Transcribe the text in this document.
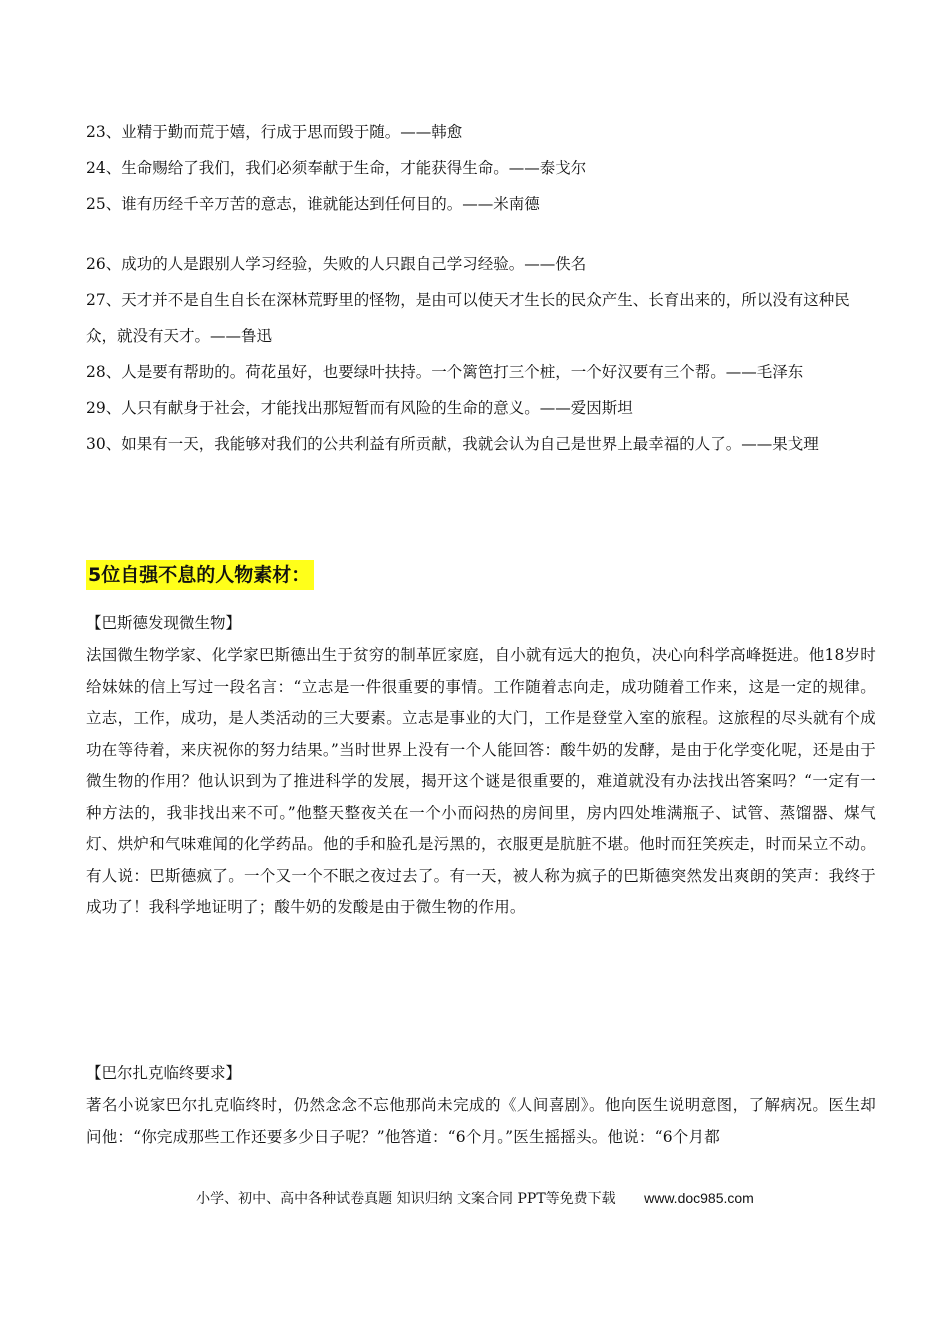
23、业精于勤而荒于嬉，行成于思而毁于随。——韩愈

24、生命赐给了我们，我们必须奉献于生命，才能获得生命。——泰戈尔

25、谁有历经千辛万苦的意志，谁就能达到任何目的。——米南德

26、成功的人是跟别人学习经验，失败的人只跟自己学习经验。——佚名

27、天才并不是自生自长在深林荒野里的怪物，是由可以使天才生长的民众产生、长育出来的，所以没有这种民众，就没有天才。——鲁迅

28、人是要有帮助的。荷花虽好，也要绿叶扶持。一个篱笆打三个桩，一个好汉要有三个帮。——毛泽东

29、人只有献身于社会，才能找出那短暂而有风险的生命的意义。——爱因斯坦

30、如果有一天，我能够对我们的公共利益有所贡献，我就会认为自己是世界上最幸福的人了。——果戈理

5位自强不息的人物素材：

【巴斯德发现微生物】

法国微生物学家、化学家巴斯德出生于贫穷的制革匠家庭，自小就有远大的抱负，决心向科学高峰挺进。他18岁时给妹妹的信上写过一段名言：“立志是一件很重要的事情。工作随着志向走，成功随着工作来，这是一定的规律。立志，工作，成功，是人类活动的三大要素。立志是事业的大门，工作是登堂入室的旅程。这旅程的尽头就有个成功在等待着，来庆祝你的努力结果。”当时世界上没有一个人能回答：酸牛奶的发酵，是由于化学变化呢，还是由于微生物的作用？他认识到为了推进科学的发展，揭开这个谜是很重要的，难道就没有办法找出答案吗？“一定有一种方法的，我非找出来不可。”他整天整夜关在一个小而闷热的房间里，房内四处堆满瓶子、试管、蒸馏器、煤气灯、烘炉和气味难闻的化学药品。他的手和脸孔是污黑的，衣服更是肮脏不堪。他时而狂笑疾走，时而呆立不动。有人说：巴斯德疯了。一个又一个不眠之夜过去了。有一天，被人称为疯子的巴斯德突然发出爽朗的笑声：我终于成功了！我科学地证明了；酸牛奶的发酸是由于微生物的作用。

【巴尔扎克临终要求】

著名小说家巴尔扎克临终时，仍然念念不忘他那尚未完成的《人间喜剧》。他向医生说明意图，了解病况。医生却问他：“你完成那些工作还要多少日子呢？”他答道：“6个月。”医生摇摇头。他说：“6个月都

小学、初中、高中各种试卷真题 知识归纳 文案合同 PPT等免费下载 www.doc985.com
